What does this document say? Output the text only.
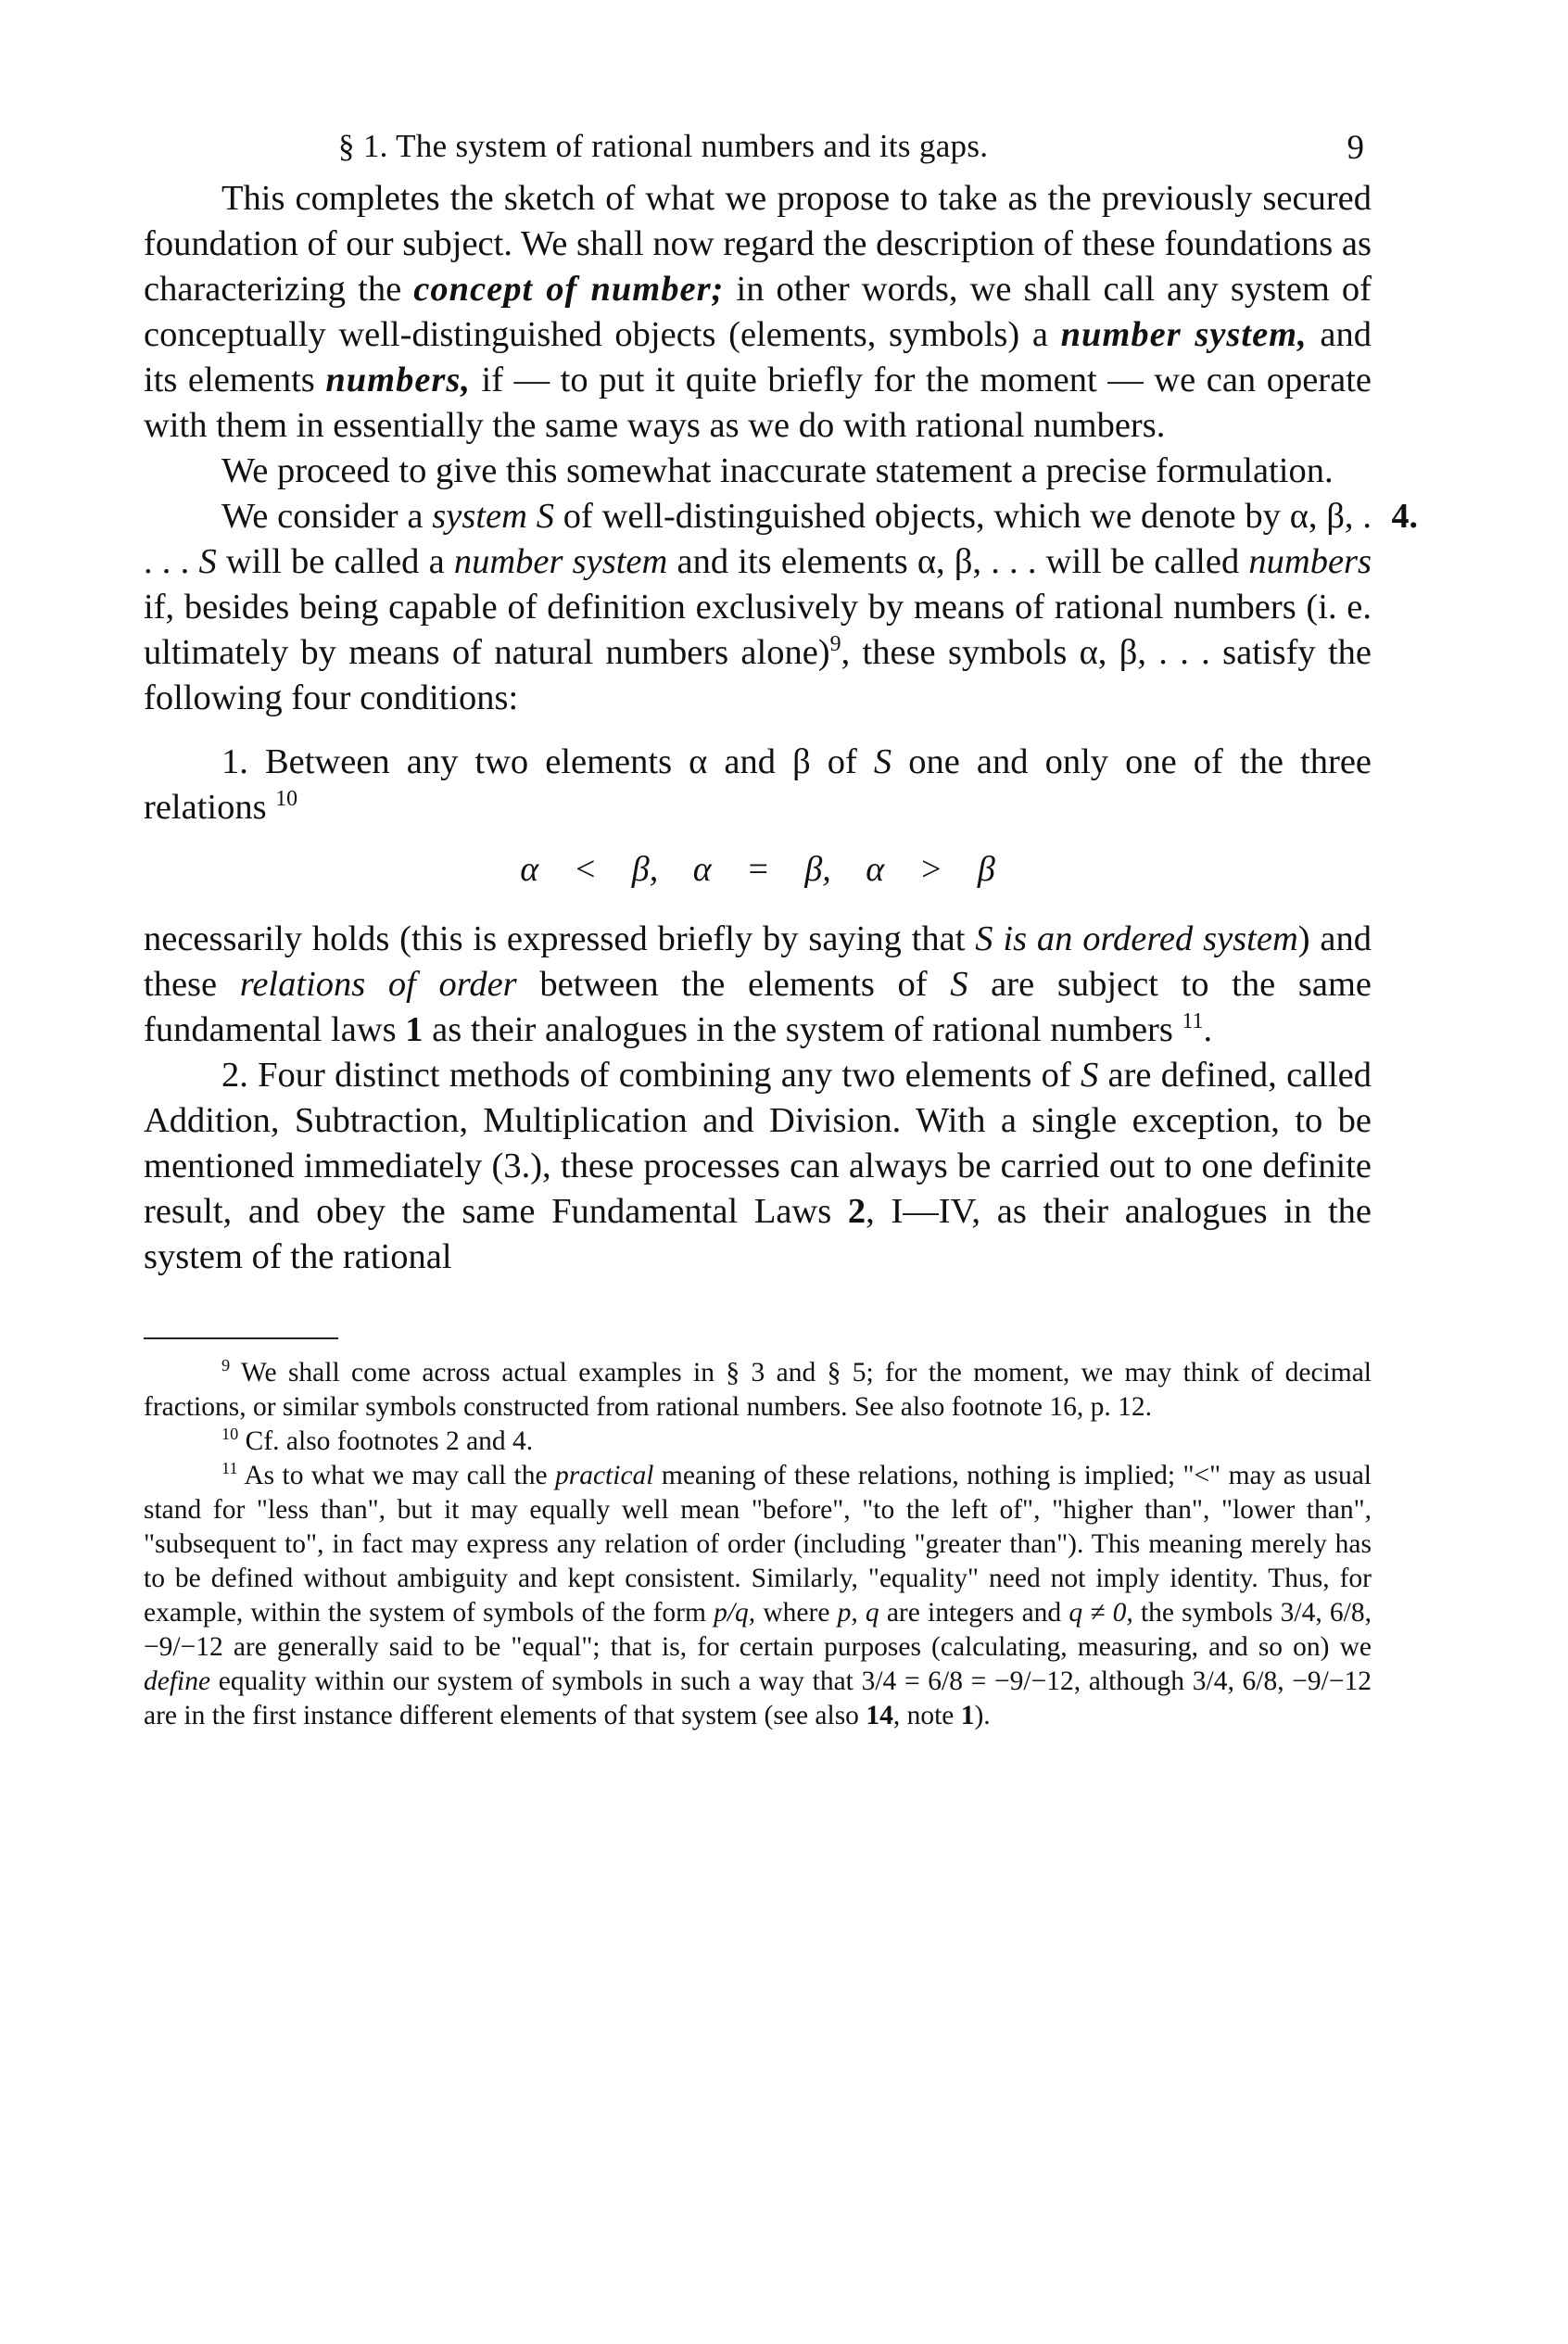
§ 1. The system of rational numbers and its gaps.	9

This completes the sketch of what we propose to take as the previously secured foundation of our subject. We shall now regard the description of these foundations as characterizing the concept of number; in other words, we shall call any system of conceptually well-distinguished objects (elements, symbols) a number system, and its elements numbers, if — to put it quite briefly for the moment — we can operate with them in essentially the same ways as we do with rational numbers.

We proceed to give this somewhat inaccurate statement a precise formulation.

4.

We consider a system S of well-distinguished objects, which we denote by α, β, . . . . S will be called a number system and its elements α, β, . . . will be called numbers if, besides being capable of definition exclusively by means of rational numbers (i. e. ultimately by means of natural numbers alone)$^9$, these symbols α, β, . . . satisfy the following four conditions:

1. Between any two elements α and β of S one and only one of the three relations $^{10}$

α < β, α = β, α > β

necessarily holds (this is expressed briefly by saying that S is an ordered system) and these relations of order between the elements of S are subject to the same fundamental laws 1 as their analogues in the system of rational numbers $^{11}$.

2. Four distinct methods of combining any two elements of S are defined, called Addition, Subtraction, Multiplication and Division. With a single exception, to be mentioned immediately (3.), these processes can always be carried out to one definite result, and obey the same Fundamental Laws 2, I—IV, as their analogues in the system of the rational

$^9$ We shall come across actual examples in § 3 and § 5; for the moment, we may think of decimal fractions, or similar symbols constructed from rational numbers. See also footnote 16, p. 12.

$^{10}$ Cf. also footnotes 2 and 4.

$^{11}$ As to what we may call the practical meaning of these relations, nothing is implied; "<" may as usual stand for "less than", but it may equally well mean "before", "to the left of", "higher than", "lower than", "subsequent to", in fact may express any relation of order (including "greater than"). This meaning merely has to be defined without ambiguity and kept consistent. Similarly, "equality" need not imply identity. Thus, for example, within the system of symbols of the form p/q, where p, q are integers and q ≠ 0, the symbols 3/4, 6/8, −9/−12 are generally said to be "equal"; that is, for certain purposes (calculating, measuring, and so on) we define equality within our system of symbols in such a way that 3/4 = 6/8 = −9/−12, although 3/4, 6/8, −9/−12 are in the first instance different elements of that system (see also 14, note 1).
